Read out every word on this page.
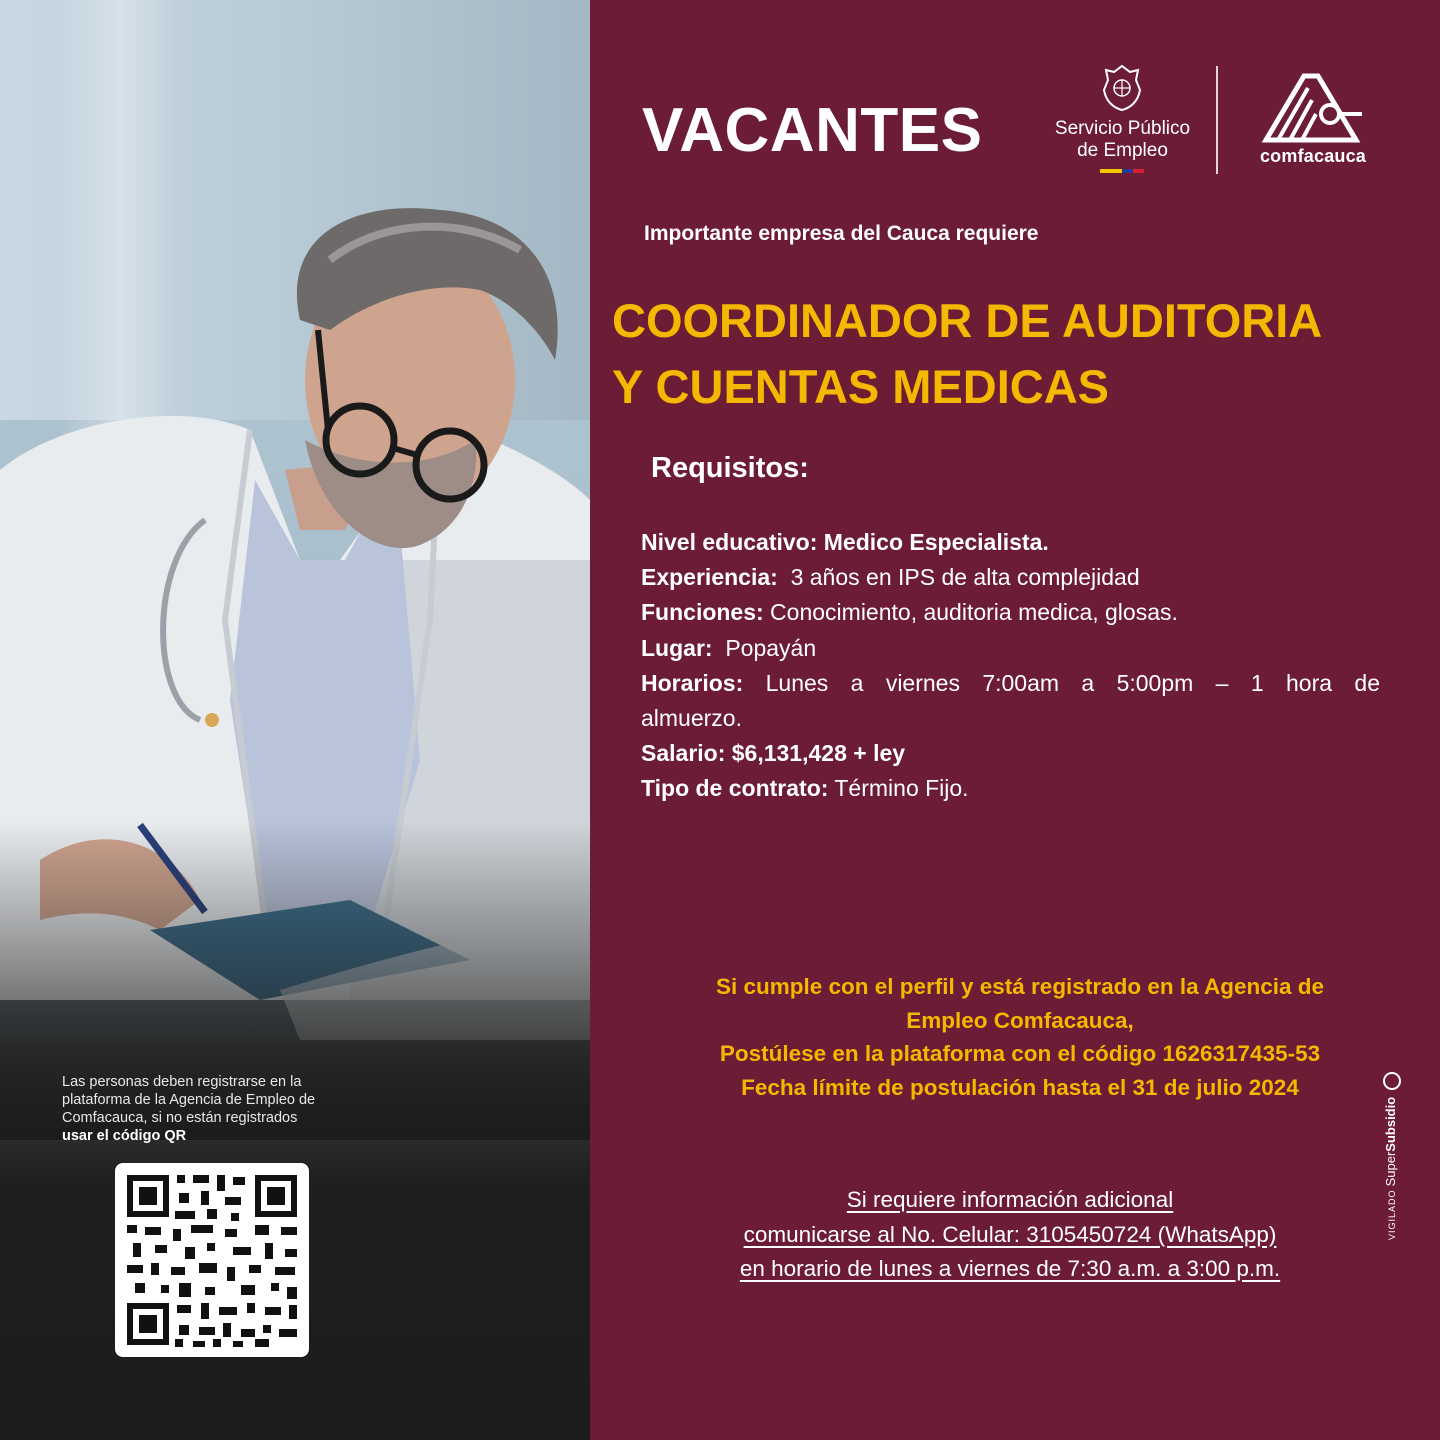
Las personas deben registrarse en la
plataforma de la Agencia de Empleo de
Comfacauca, si no están registrados
usar el código QR
VACANTES	Servicio Público
de Empleo	comfacauca
Importante empresa del Cauca requiere
COORDINADOR DE AUDITORIA
Y CUENTAS MEDICAS
Requisitos:
Nivel educativo: Medico Especialista.
Experiencia:  3 años en IPS de alta complejidad
Funciones: Conocimiento, auditoria medica, glosas.
Lugar:  Popayán
Horarios: Lunes a viernes 7:00am a 5:00pm – 1 hora de
almuerzo.
Salario: $6,131,428 + ley
Tipo de contrato: Término Fijo.
Si cumple con el perfil y está registrado en la Agencia de
Empleo Comfacauca,
Postúlese en la plataforma con el código 1626317435-53
Fecha límite de postulación hasta el 31 de julio 2024
Si requiere información adicional
comunicarse al No. Celular: 3105450724 (WhatsApp)
en horario de lunes a viernes de 7:30 a.m. a 3:00 p.m.
VIGILADO SuperSubsidio
